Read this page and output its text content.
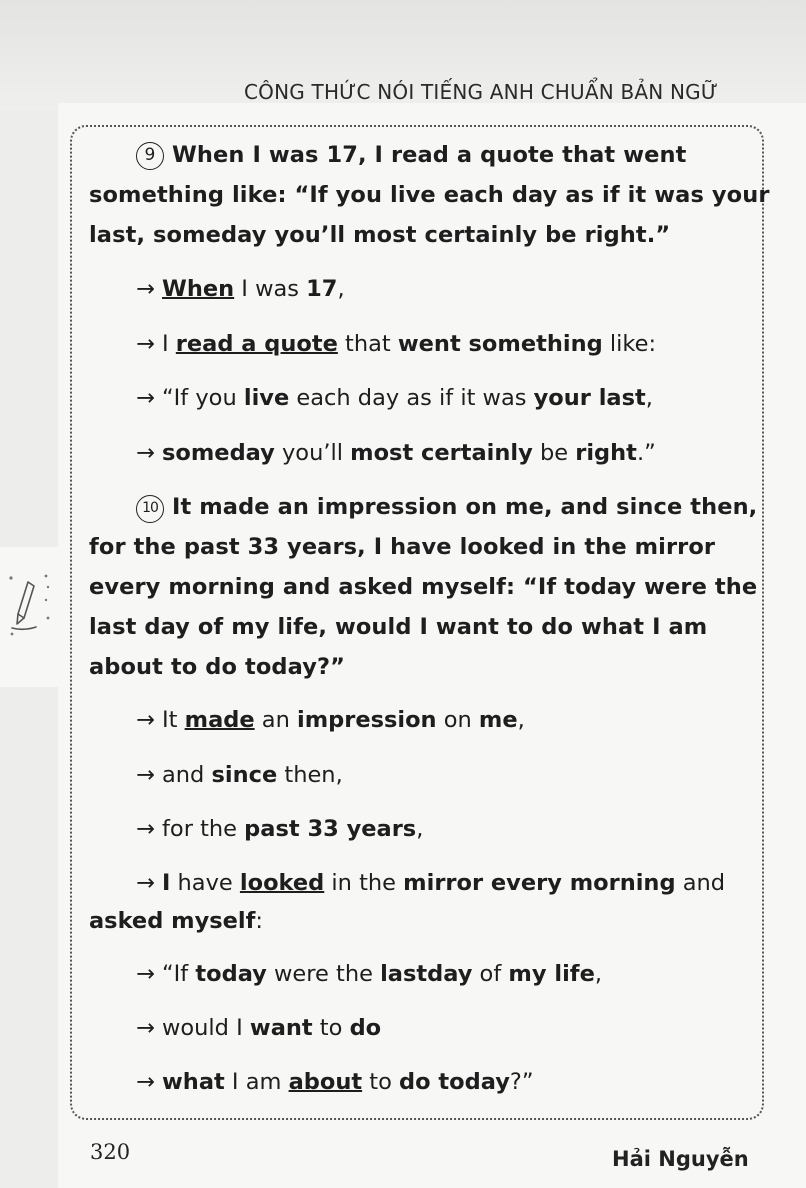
CÔNG THỨC NÓI TIẾNG ANH CHUẨN BẢN NGỮ
9 When I was 17, I read a quote that went
something like: “If you live each day as if it was your
last, someday you’ll most certainly be right.”
→ When I was 17,
→ I read a quote that went something like:
→ “If you live each day as if it was your last,
→ someday you’ll most certainly be right.”
10 It made an impression on me, and since then,
for the past 33 years, I have looked in the mirror
every morning and asked myself: “If today were the
last day of my life, would I want to do what I am
about to do today?”
→ It made an impression on me,
→ and since then,
→ for the past 33 years,
→ I have looked in the mirror every morning and
asked myself:
→ “If today were the lastday of my life,
→ would I want to do
→ what I am about to do today?”
320	Hải Nguyễn
